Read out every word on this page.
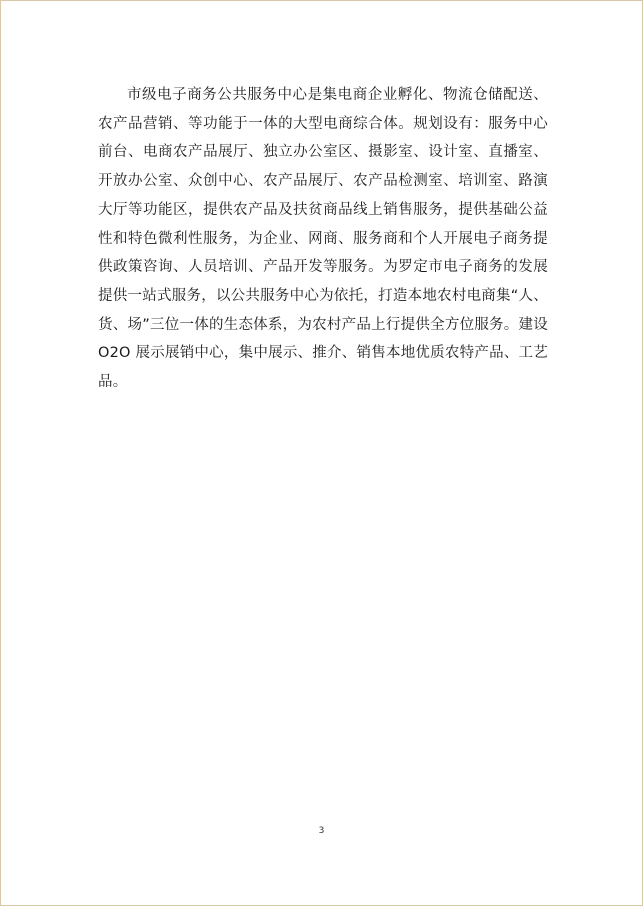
市级电子商务公共服务中心是集电商企业孵化、物流仓储配送、农产品营销、等功能于一体的大型电商综合体。规划设有：服务中心前台、电商农产品展厅、独立办公室区、摄影室、设计室、直播室、开放办公室、众创中心、农产品展厅、农产品检测室、培训室、路演大厅等功能区，提供农产品及扶贫商品线上销售服务，提供基础公益性和特色微利性服务，为企业、网商、服务商和个人开展电子商务提供政策咨询、人员培训、产品开发等服务。为罗定市电子商务的发展提供一站式服务，以公共服务中心为依托，打造本地农村电商集“人、货、场”三位一体的生态体系，为农村产品上行提供全方位服务。建设 O2O 展示展销中心，集中展示、推介、销售本地优质农特产品、工艺品。

3
